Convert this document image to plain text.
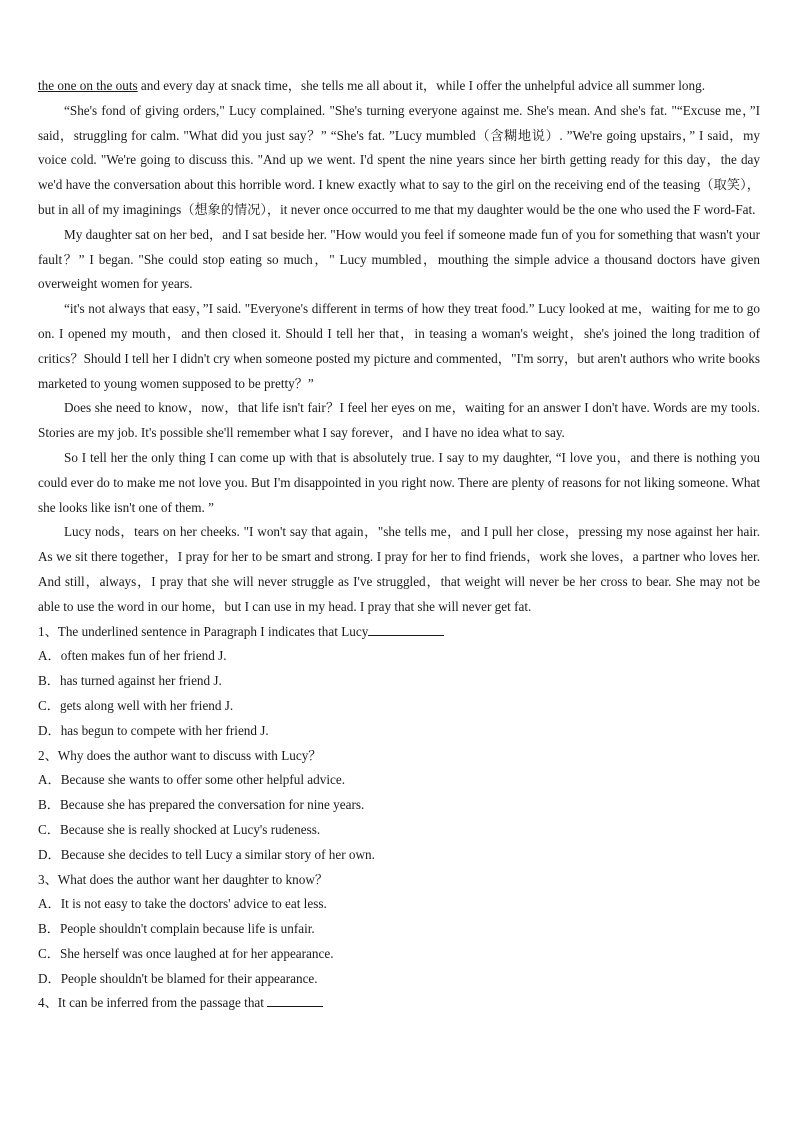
the one on the outs and every day at snack time，she tells me all about it，while I offer the unhelpful advice all summer long.

“She's fond of giving orders," Lucy complained. "She's turning everyone against me. She's mean. And she's fat. "“Excuse me，”I said，struggling for calm. "What did you just say？” “She's fat. ”Lucy mumbled（含糊地说）. ”We're going upstairs，” I said，my voice cold. "We're going to discuss this. "And up we went. I'd spent the nine years since her birth getting ready for this day，the day we'd have the conversation about this horrible word. I knew exactly what to say to the girl on the receiving end of the teasing（取笑），but in all of my imaginings（想象的情况），it never once occurred to me that my daughter would be the one who used the F word-Fat.

My daughter sat on her bed，and I sat beside her. "How would you feel if someone made fun of you for something that wasn't your fault？” I began. "She could stop eating so much，" Lucy mumbled，mouthing the simple advice a thousand doctors have given overweight women for years.

“it's not always that easy，”I said. "Everyone's different in terms of how they treat food.” Lucy looked at me，waiting for me to go on. I opened my mouth，and then closed it. Should I tell her that，in teasing a woman's weight，she's joined the long tradition of critics？Should I tell her I didn't cry when someone posted my picture and commented，"I'm sorry，but aren't authors who write books marketed to young women supposed to be pretty？”

Does she need to know，now，that life isn't fair？I feel her eyes on me，waiting for an answer I don't have. Words are my tools. Stories are my job. It's possible she'll remember what I say forever，and I have no idea what to say.

So I tell her the only thing I can come up with that is absolutely true. I say to my daughter, “I love you，and there is nothing you could ever do to make me not love you. But I'm disappointed in you right now. There are plenty of reasons for not liking someone. What she looks like isn't one of them. ”

Lucy nods，tears on her cheeks. "I won't say that again，"she tells me，and I pull her close，pressing my nose against her hair. As we sit there together，I pray for her to be smart and strong. I pray for her to find friends，work she loves，a partner who loves her. And still，always，I pray that she will never struggle as I've struggled，that weight will never be her cross to bear. She may not be able to use the word in our home，but I can use in my head. I pray that she will never get fat.

1、The underlined sentence in Paragraph I indicates that Lucy

A．often makes fun of her friend J.

B．has turned against her friend J.

C．gets along well with her friend J.

D．has begun to compete with her friend J.

2、Why does the author want to discuss with Lucy？

A．Because she wants to offer some other helpful advice.

B．Because she has prepared the conversation for nine years.

C．Because she is really shocked at Lucy's rudeness.

D．Because she decides to tell Lucy a similar story of her own.

3、What does the author want her daughter to know？

A．It is not easy to take the doctors' advice to eat less.

B．People shouldn't complain because life is unfair.

C．She herself was once laughed at for her appearance.

D．People shouldn't be blamed for their appearance.

4、It can be inferred from the passage that
